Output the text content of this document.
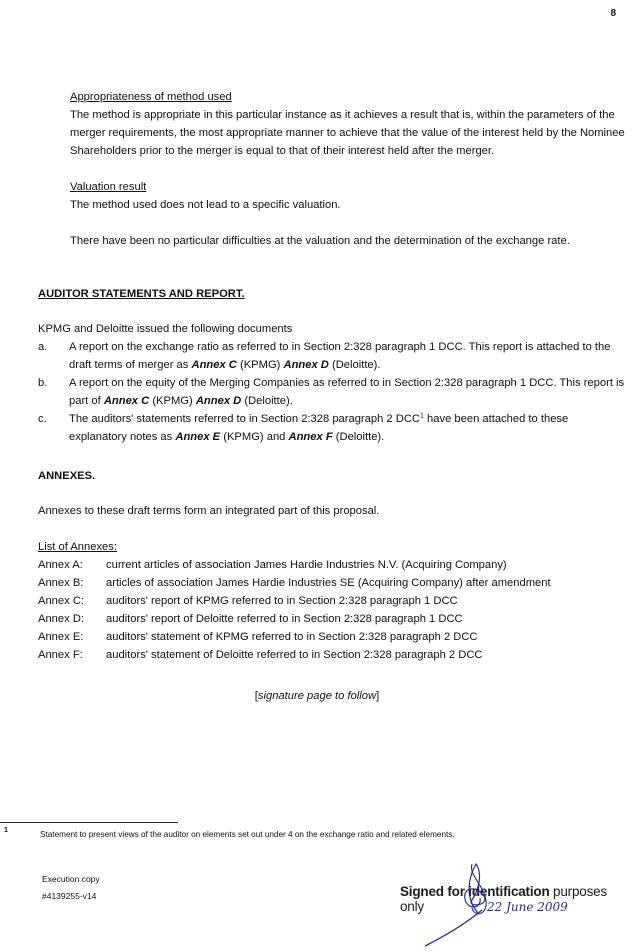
8

Appropriateness of method used

The method is appropriate in this particular instance as it achieves a result that is, within the parameters of the merger requirements, the most appropriate manner to achieve that the value of the interest held by the Nominee Shareholders prior to the merger is equal to that of their interest held after the merger.

Valuation result

The method used does not lead to a specific valuation.

There have been no particular difficulties at the valuation and the determination of the exchange rate.

AUDITOR STATEMENTS AND REPORT.
KPMG and Deloitte issued the following documents
a.	A report on the exchange ratio as referred to in Section 2:328 paragraph 1 DCC. This report is attached to the draft terms of merger as Annex C (KPMG) Annex D (Deloitte).
b.	A report on the equity of the Merging Companies as referred to in Section 2:328 paragraph 1 DCC. This report is part of Annex C (KPMG) Annex D (Deloitte).
c.	The auditors' statements referred to in Section 2:328 paragraph 2 DCC$^1$ have been attached to these explanatory notes as Annex E (KPMG) and Annex F (Deloitte).
ANNEXES.
Annexes to these draft terms form an integrated part of this proposal.
List of Annexes:
Annex A:	current articles of association James Hardie Industries N.V. (Acquiring Company)
Annex B:	articles of association James Hardie Industries SE (Acquiring Company) after amendment
Annex C:	auditors' report of KPMG referred to in Section 2:328 paragraph 1 DCC
Annex D:	auditors' report of Deloitte referred to in Section 2:328 paragraph 1 DCC
Annex E:	auditors' statement of KPMG referred to in Section 2:328 paragraph 2 DCC
Annex F:	auditors' statement of Deloitte referred to in Section 2:328 paragraph 2 DCC
[signature page to follow]
1	Statement to present views of the auditor on elements set out under 4 on the exchange ratio and related elements.
Execution copy
#4139255-v14	Signed for identification purposes only	22 June 2009
